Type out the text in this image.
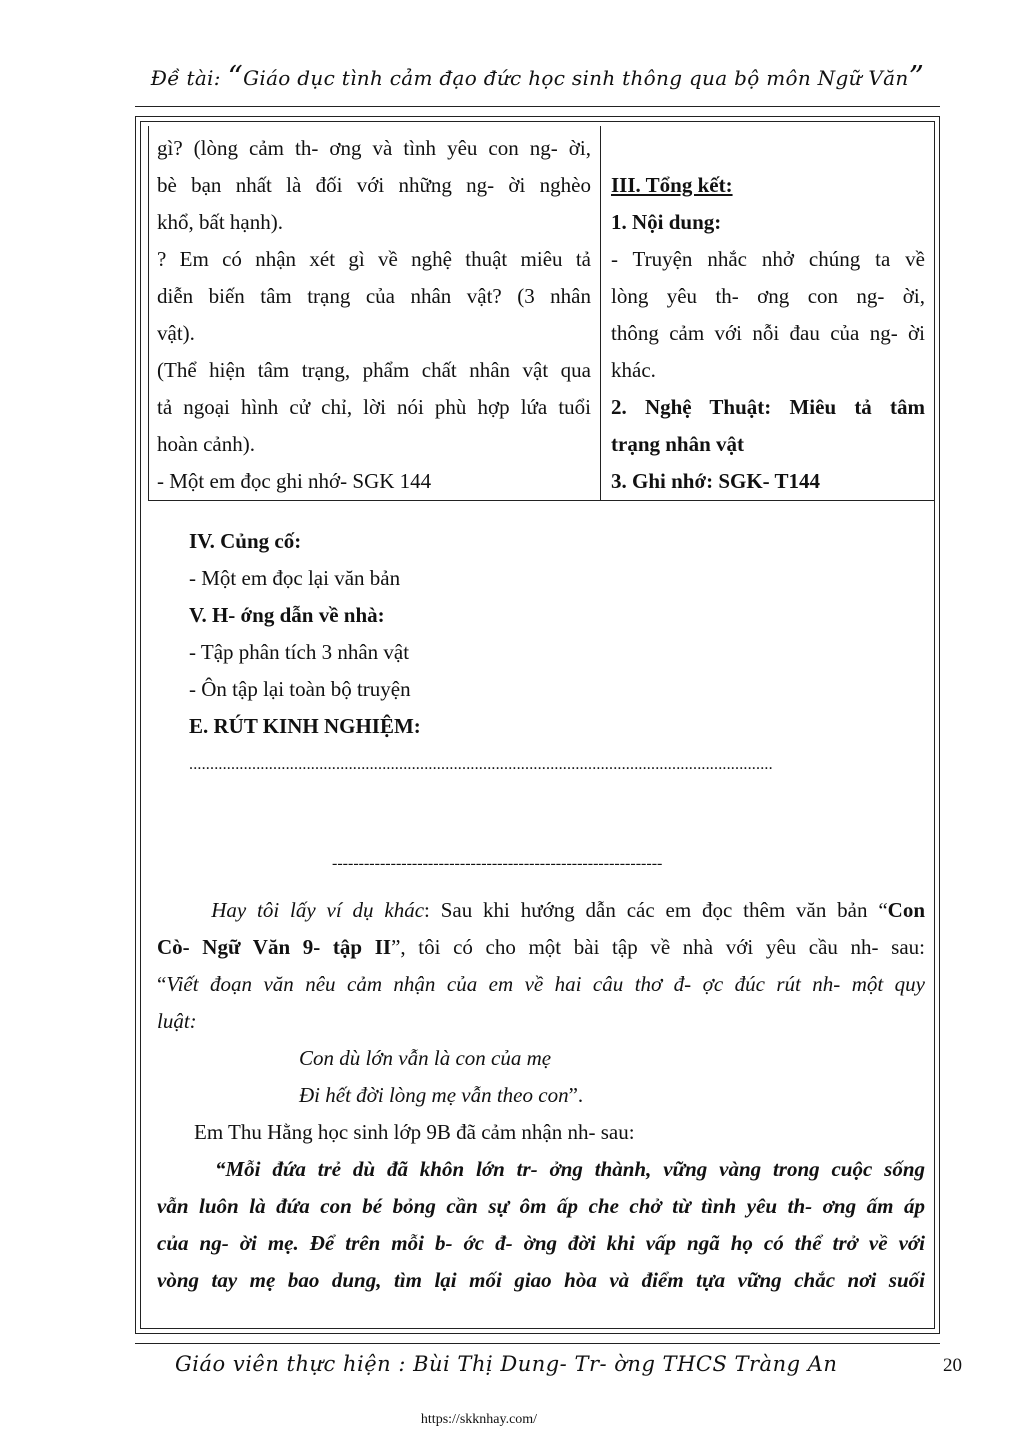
Đề tài: “Giáo dục tình cảm đạo đức học sinh thông qua bộ môn Ngữ Văn”
gì? (lòng cảm th- ơng và tình yêu con ng- ời,
bè bạn nhất là đối với những ng- ời nghèo
khổ, bất hạnh).
? Em có nhận xét gì về nghệ thuật miêu tả
diễn biến tâm trạng của nhân vật? (3 nhân
vật).
(Thể hiện tâm trạng, phẩm chất nhân vật qua
tả ngoại hình cử chỉ, lời nói phù hợp lứa tuổi
hoàn cảnh).
- Một em đọc ghi nhớ- SGK 144

III. Tổng kết:
1. Nội dung:
- Truyện nhắc nhở chúng ta về
lòng yêu th- ơng con ng- ời,
thông cảm với nỗi đau của ng- ời
khác.
2. Nghệ Thuật: Miêu tả tâm
trạng nhân vật
3. Ghi nhớ: SGK- T144
IV. Củng cố:
- Một em đọc lại văn bản
V. H- ớng dẫn về nhà:
- Tập phân tích 3 nhân vật
- Ôn tập lại toàn bộ truyện
E. RÚT KINH NGHIỆM:
...........................................................................................................................................
--------------------------------------------------------------
Hay tôi lấy ví dụ khác: Sau khi hướng dẫn các em đọc thêm văn bản “Con
Cò- Ngữ Văn 9- tập II”, tôi có cho một bài tập về nhà với yêu cầu nh- sau:
“Viết đoạn văn nêu cảm nhận của em về hai câu thơ đ- ợc đúc rút nh- một quy
luật:
Con dù lớn vẫn là con của mẹ
Đi hết đời lòng mẹ vẫn theo con”.
Em Thu Hằng học sinh lớp 9B đã cảm nhận nh- sau:
“Mỗi đứa trẻ dù đã khôn lớn tr- ởng thành, vững vàng trong cuộc sống
vẫn luôn là đứa con bé bỏng cần sự ôm ấp che chở từ tình yêu th- ơng ấm áp
của ng- ời mẹ. Để trên mỗi b- ớc đ- ờng đời khi vấp ngã họ có thể trở về với
vòng tay mẹ bao dung, tìm lại mối giao hòa và điểm tựa vững chắc nơi suối
Giáo viên thực hiện : Bùi Thị Dung- Tr- ờng THCS Tràng An	20
https://skknhay.com/
